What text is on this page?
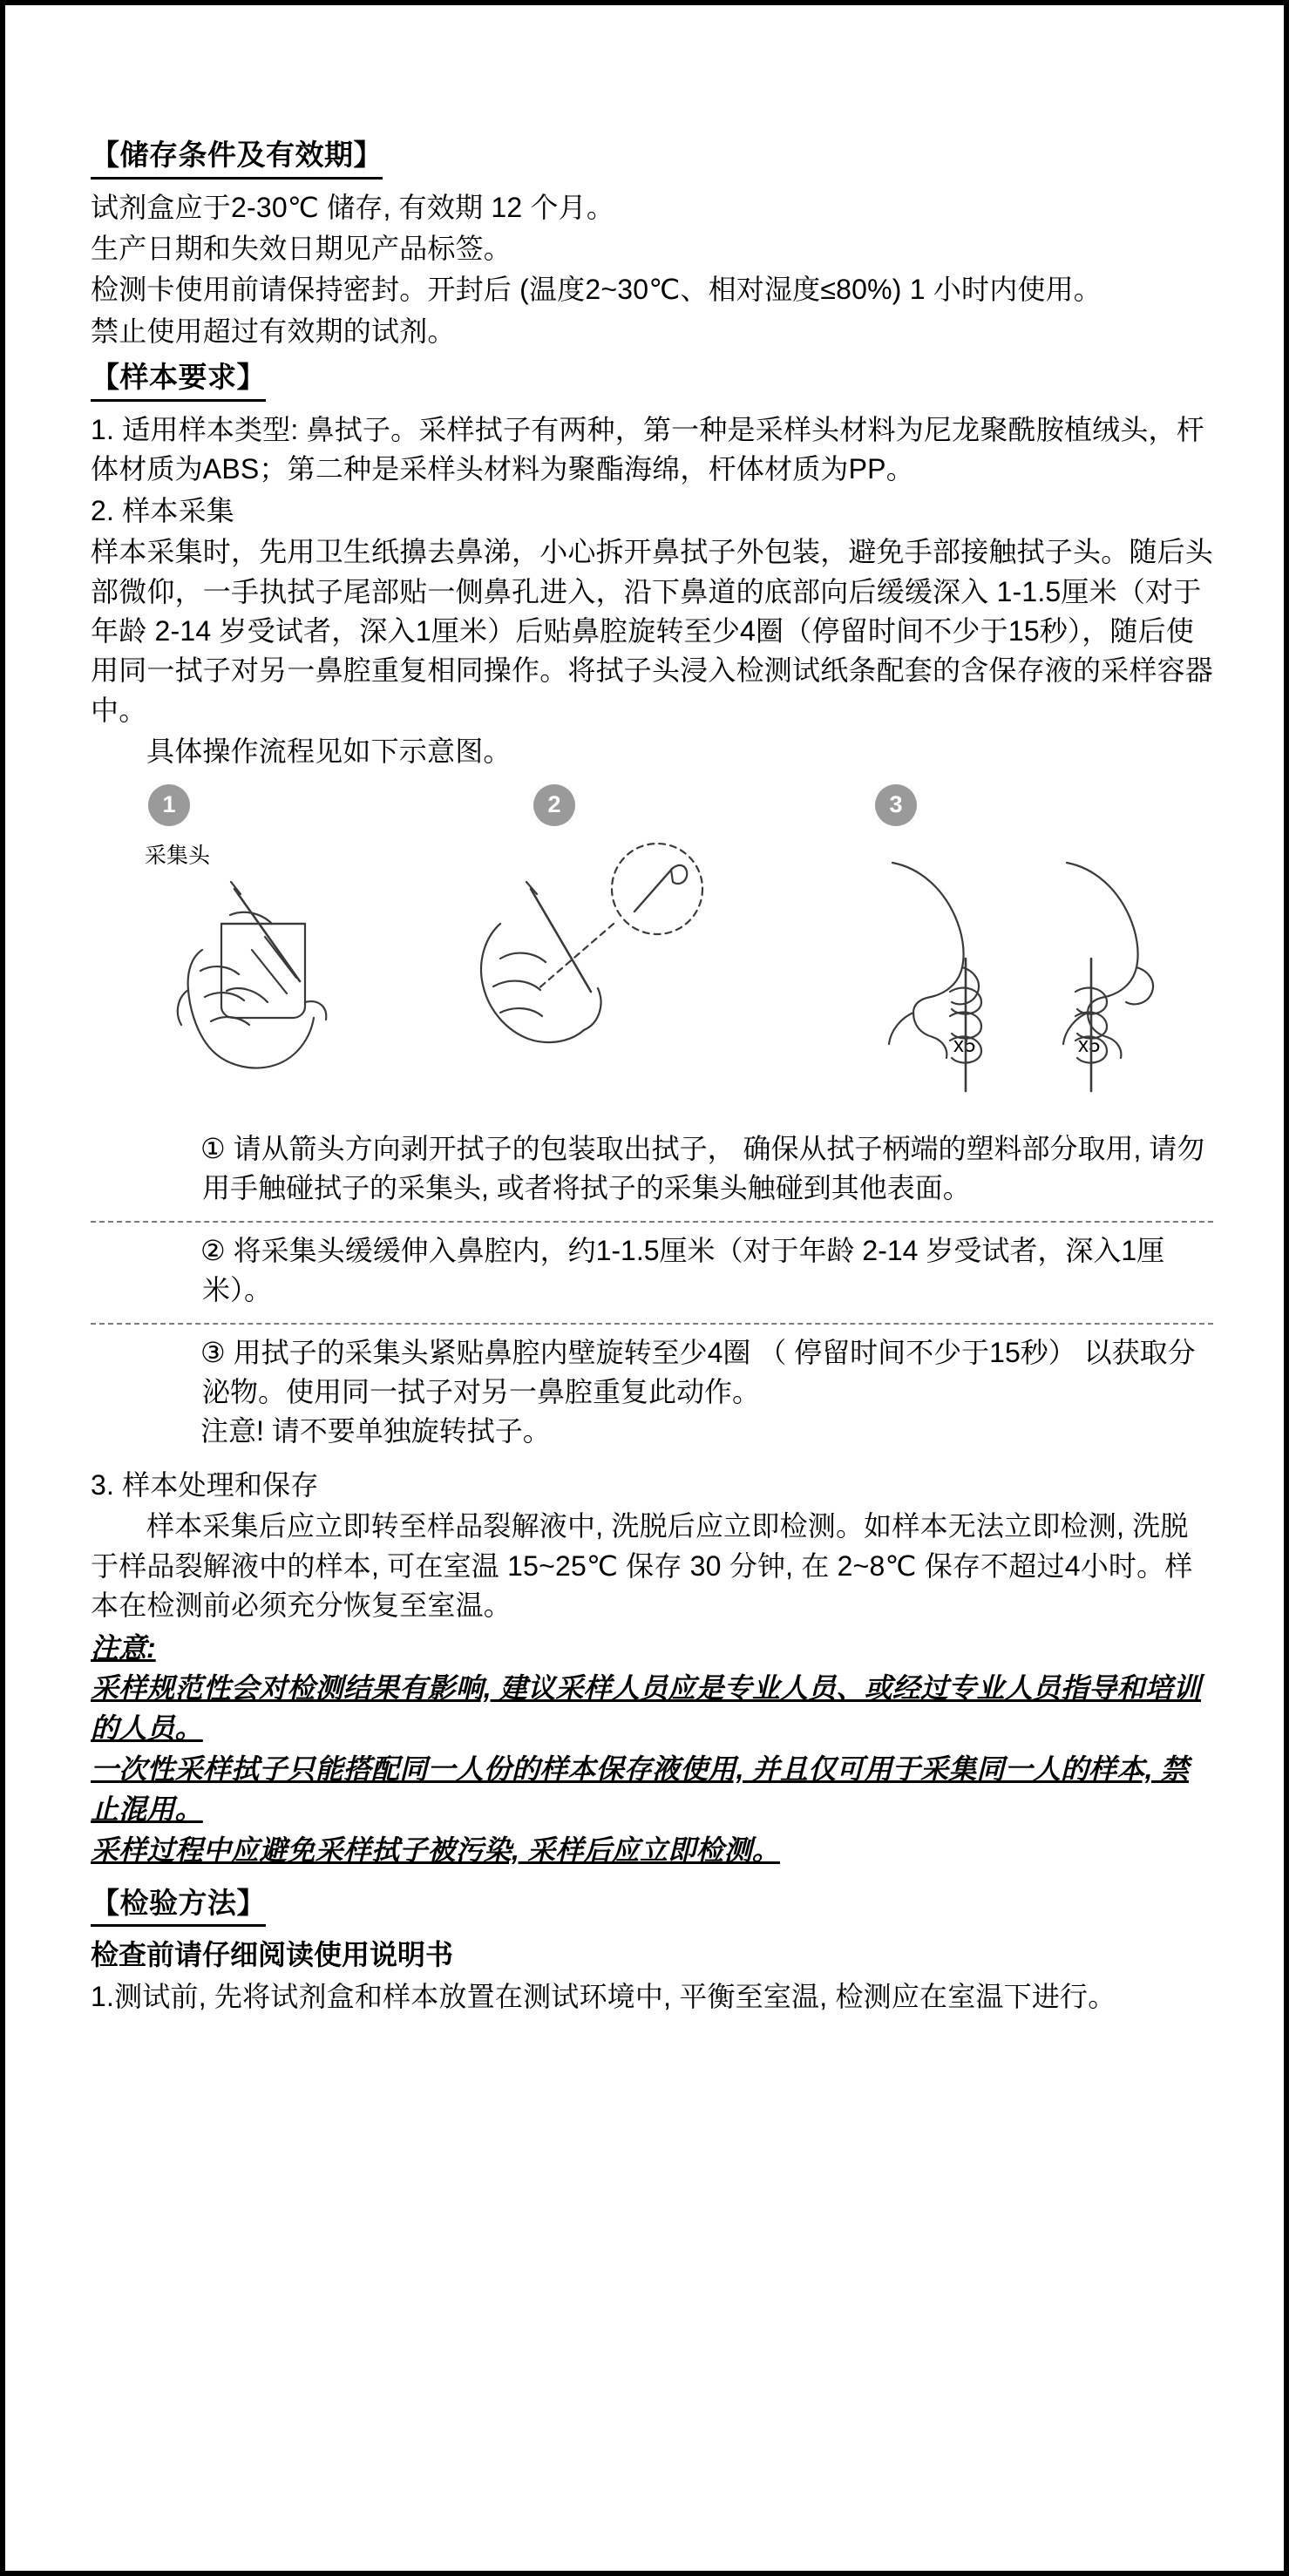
【储存条件及有效期】

试剂盒应于2-30℃ 储存, 有效期 12 个月。

生产日期和失效日期见产品标签。

检测卡使用前请保持密封。开封后 (温度2~30℃、相对湿度≤80%) 1 小时内使用。

禁止使用超过有效期的试剂。

【样本要求】

1. 适用样本类型: 鼻拭子。采样拭子有两种，第一种是采样头材料为尼龙聚酰胺植绒头，杆体材质为ABS；第二种是采样头材料为聚酯海绵，杆体材质为PP。

2. 样本采集

样本采集时，先用卫生纸擤去鼻涕，小心拆开鼻拭子外包装，避免手部接触拭子头。随后头部微仰，一手执拭子尾部贴一侧鼻孔进入，沿下鼻道的底部向后缓缓深入 1-1.5厘米（对于年龄 2-14 岁受试者，深入1厘米）后贴鼻腔旋转至少4圈（停留时间不少于15秒），随后使用同一拭子对另一鼻腔重复相同操作。将拭子头浸入检测试纸条配套的含保存液的采样容器中。

具体操作流程见如下示意图。

1	2	3
采集头
x5	x5

① 请从箭头方向剥开拭子的包装取出拭子， 确保从拭子柄端的塑料部分取用, 请勿用手触碰拭子的采集头, 或者将拭子的采集头触碰到其他表面。

② 将采集头缓缓伸入鼻腔内，约1-1.5厘米（对于年龄 2-14 岁受试者，深入1厘米）。

③ 用拭子的采集头紧贴鼻腔内壁旋转至少4圈 （ 停留时间不少于15秒） 以获取分泌物。使用同一拭子对另一鼻腔重复此动作。

注意! 请不要单独旋转拭子。

3. 样本处理和保存

样本采集后应立即转至样品裂解液中, 洗脱后应立即检测。如样本无法立即检测, 洗脱于样品裂解液中的样本, 可在室温 15~25℃ 保存 30 分钟, 在 2~8℃ 保存不超过4小时。样本在检测前必须充分恢复至室温。

注意:

采样规范性会对检测结果有影响, 建议采样人员应是专业人员、或经过专业人员指导和培训的人员。

一次性采样拭子只能搭配同一人份的样本保存液使用, 并且仅可用于采集同一人的样本, 禁止混用。

采样过程中应避免采样拭子被污染, 采样后应立即检测。

【检验方法】

检查前请仔细阅读使用说明书

1.测试前, 先将试剂盒和样本放置在测试环境中, 平衡至室温, 检测应在室温下进行。
